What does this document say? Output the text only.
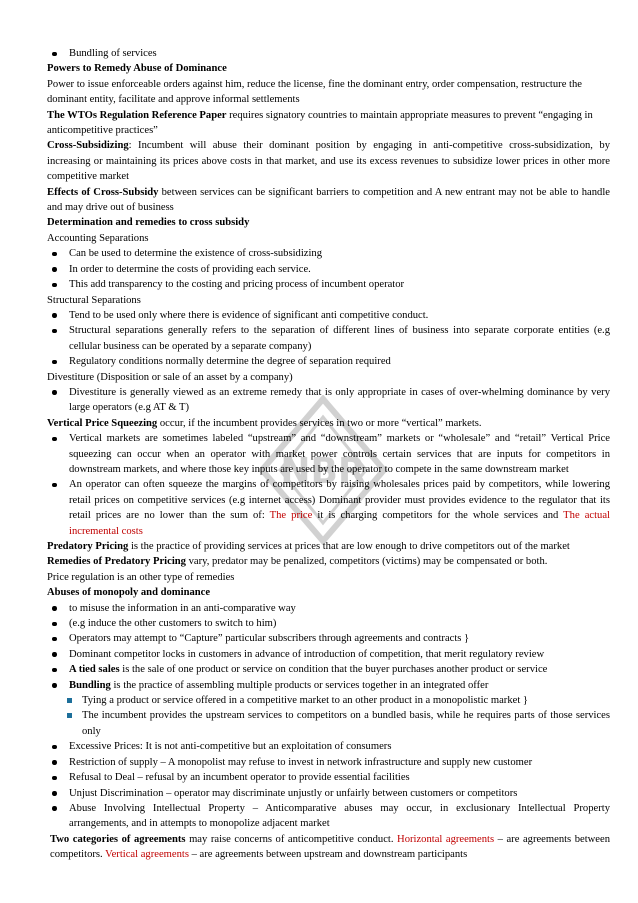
NBR
Bundling of services

Powers to Remedy Abuse of Dominance

Power to issue enforceable orders against him, reduce the license, fine the dominant entry, order compensation, restructure the dominant entity, facilitate and approve informal settlements

The WTOs Regulation Reference Paper requires signatory countries to maintain appropriate measures to prevent “engaging in anticompetitive practices”

Cross-Subsidizing: Incumbent will abuse their dominant position by engaging in anti-competitive cross-subsidization, by increasing or maintaining its prices above costs in that market, and use its excess revenues to subsidize lower prices in other more competitive market

Effects of Cross-Subsidy between services can be significant barriers to competition and A new entrant may not be able to handle and may drive out of business

Determination and remedies to cross subsidy

Accounting Separations

Can be used to determine the existence of cross-subsidizing
In order to determine the costs of providing each service.
This add transparency to the costing and pricing process of incumbent operator

Structural Separations

Tend to be used only where there is evidence of significant anti competitive conduct.
Structural separations generally refers to the separation of different lines of business into separate corporate entities (e.g cellular business can be operated by a separate company)
Regulatory conditions normally determine the degree of separation required

Divestiture (Disposition or sale of an asset by a company)

Divestiture is generally viewed as an extreme remedy that is only appropriate in cases of over-whelming dominance by very large operators (e.g AT & T)

Vertical Price Squeezing occur, if the incumbent provides services in two or more “vertical” markets.

Vertical markets are sometimes labeled “upstream” and “downstream” markets or “wholesale” and “retail” Vertical Price squeezing can occur when an operator with market power controls certain services that are inputs for competitors in downstream markets, and where those key inputs are used by the operator to compete in the same downstream market
An operator can often squeeze the margins of competitors by raising wholesales prices paid by competitors, while lowering retail prices on competitive services (e.g internet access) Dominant provider must provides evidence to the regulator that its retail prices are no lower than the sum of: The price it is charging competitors for the whole services and The actual incremental costs

Predatory Pricing is the practice of providing services at prices that are low enough to drive competitors out of the market

Remedies of Predatory Pricing vary, predator may be penalized, competitors (victims) may be compensated or both.

Price regulation is an other type of remedies

Abuses of monopoly and dominance

to misuse the information in an anti-comparative way
(e.g induce the other customers to switch to him)
Operators may attempt to “Capture” particular subscribers through agreements and contracts }
Dominant competitor locks in customers in advance of introduction of competition, that merit regulatory review
A tied sales is the sale of one product or service on condition that the buyer purchases another product or service
Bundling is the practice of assembling multiple products or services together in an integrated offer
Tying a product or service offered in a competitive market to an other product in a monopolistic market }
The incumbent provides the upstream services to competitors on a bundled basis, while he requires parts of those services only
Excessive Prices: It is not anti-competitive but an exploitation of consumers
Restriction of supply – A monopolist may refuse to invest in network infrastructure and supply new customer
Refusal to Deal – refusal by an incumbent operator to provide essential facilities
Unjust Discrimination – operator may discriminate unjustly or unfairly between customers or competitors
Abuse Involving Intellectual Property – Anticomparative abuses may occur, in exclusionary Intellectual Property arrangements, and in attempts to monopolize adjacent market

Two categories of agreements may raise concerns of anticompetitive conduct. Horizontal agreements – are agreements between competitors. Vertical agreements – are agreements between upstream and downstream participants
